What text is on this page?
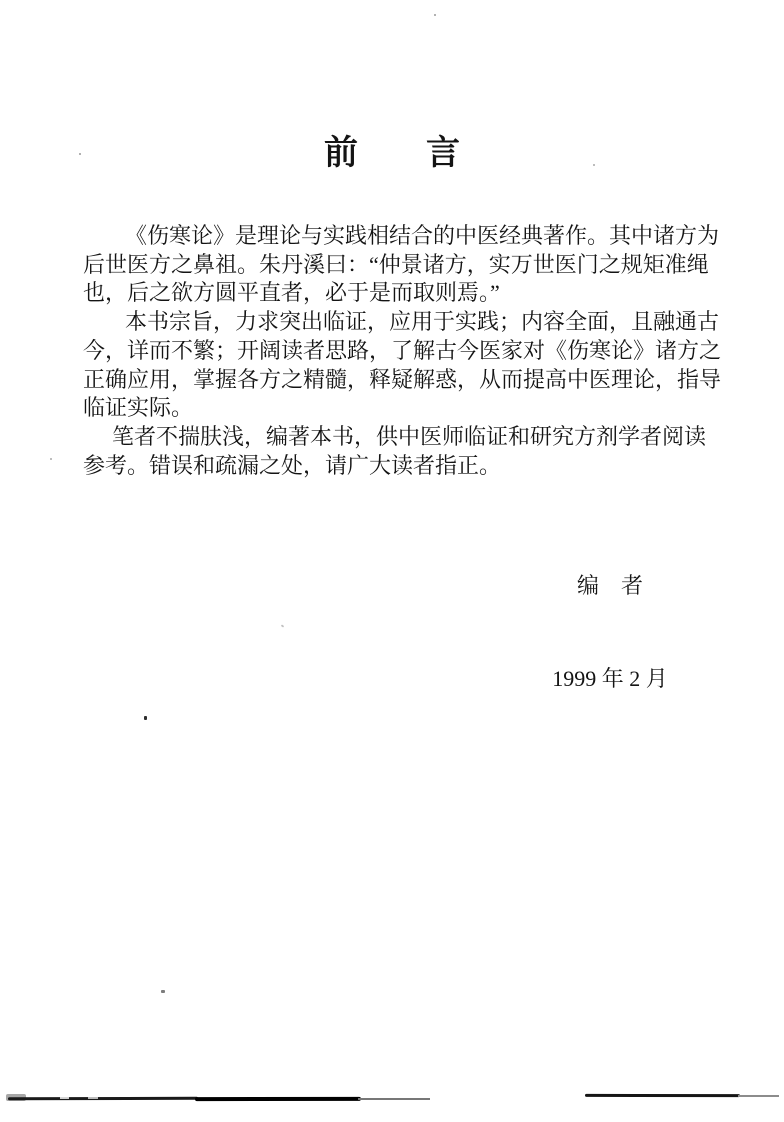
前　　言
《伤寒论》是理论与实践相结合的中医经典著作。其中诸方为
后世医方之鼻祖。朱丹溪曰：“仲景诸方，实万世医门之规矩准绳
也，后之欲方圆平直者，必于是而取则焉。”
本书宗旨，力求突出临证，应用于实践；内容全面，且融通古
今，详而不繁；开阔读者思路，了解古今医家对《伤寒论》诸方之
正确应用，掌握各方之精髓，释疑解惑，从而提高中医理论，指导
临证实际。
笔者不揣肤浅，编著本书，供中医师临证和研究方剂学者阅读
参考。错误和疏漏之处，请广大读者指正。

编　者

1999 年 2 月
